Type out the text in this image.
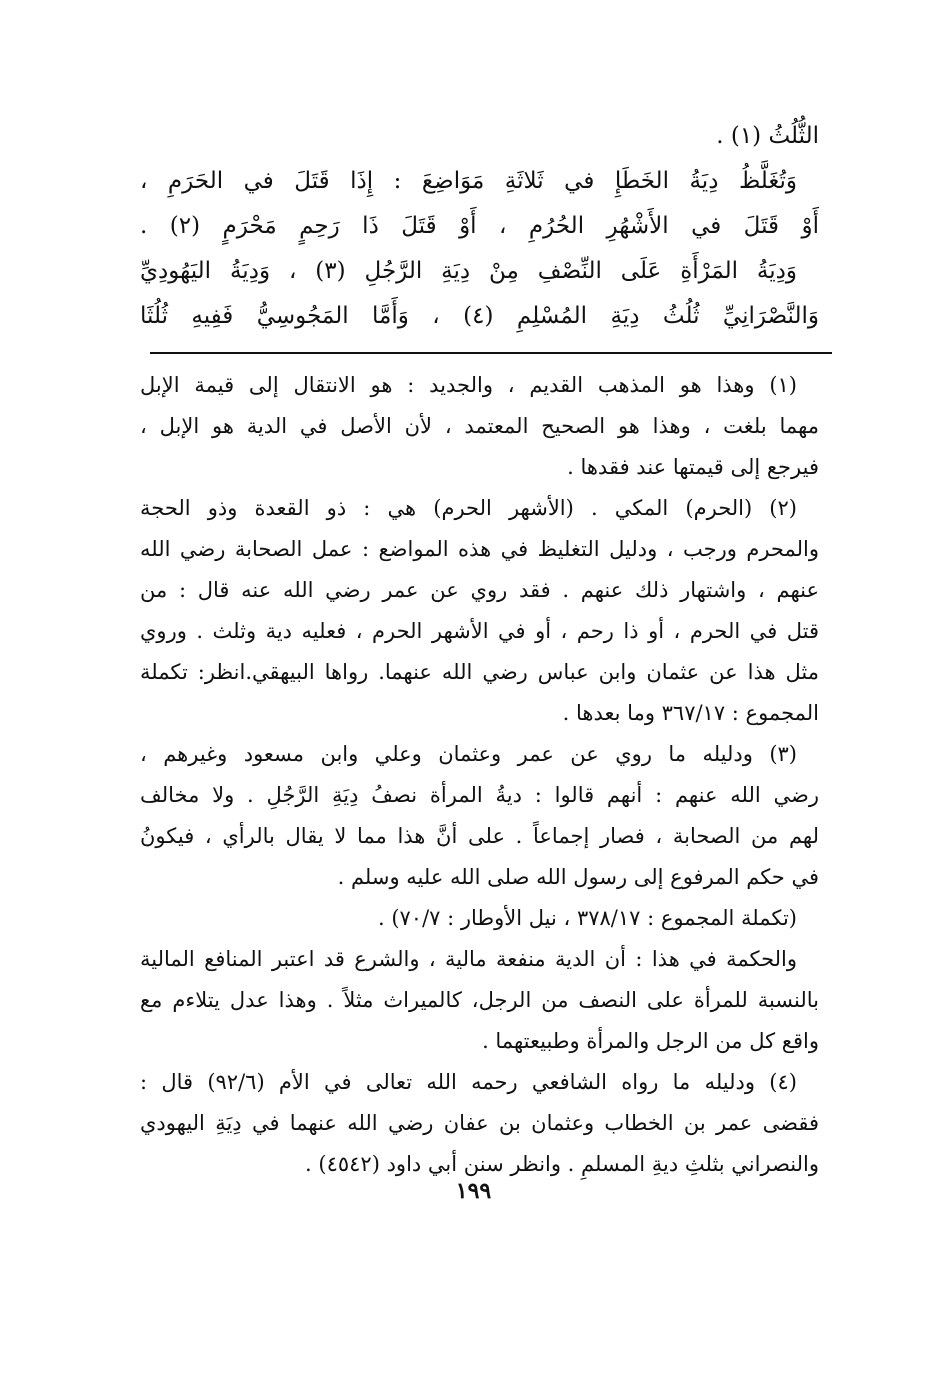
الثُّلُثُ (١) .

وَتُغَلَّظُ دِيَةُ الخَطَإِ في ثَلاثَةِ مَوَاضِعَ : إِذَا قَتَلَ في الحَرَمِ ،

أَوْ قَتَلَ في الأَشْهُرِ الحُرُمِ ، أَوْ قَتَلَ ذَا رَحِمٍ مَحْرَمٍ (٢) .

وَدِيَةُ المَرْأَةِ عَلَى النِّصْفِ مِنْ دِيَةِ الرَّجُلِ (٣) ، وَدِيَةُ اليَهُودِيِّ

وَالنَّصْرَانِيِّ ثُلُثُ دِيَةِ المُسْلِمِ (٤) ، وَأَمَّا المَجُوسِيُّ فَفِيهِ ثُلُثَا

(١) وهذا هو المذهب القديم ، والجديد : هو الانتقال إلى قيمة الإبل

مهما بلغت ، وهذا هو الصحيح المعتمد ، لأن الأصل في الدية هو الإبل ،

فيرجع إلى قيمتها عند فقدها .

(٢) (الحرم) المكي . (الأشهر الحرم) هي : ذو القعدة وذو الحجة

والمحرم ورجب ، ودليل التغليظ في هذه المواضع : عمل الصحابة رضي الله

عنهم ، واشتهار ذلك عنهم . فقد روي عن عمر رضي الله عنه قال : من

قتل في الحرم ، أو ذا رحم ، أو في الأشهر الحرم ، فعليه دية وثلث . وروي

مثل هذا عن عثمان وابن عباس رضي الله عنهما. رواها البيهقي.انظر: تكملة

المجموع : ٣٦٧/١٧ وما بعدها .

(٣) ودليله ما روي عن عمر وعثمان وعلي وابن مسعود وغيرهم ،

رضي الله عنهم : أنهم قالوا : ديةُ المرأة نصفُ دِيَةِ الرَّجُلِ . ولا مخالف

لهم من الصحابة ، فصار إجماعاً . على أنَّ هذا مما لا يقال بالرأي ، فيكونُ

في حكم المرفوع إلى رسول الله صلى الله عليه وسلم .

(تكملة المجموع : ٣٧٨/١٧ ، نيل الأوطار : ٧٠/٧) .

والحكمة في هذا : أن الدية منفعة مالية ، والشرع قد اعتبر المنافع المالية

بالنسبة للمرأة على النصف من الرجل، كالميراث مثلاً . وهذا عدل يتلاءم مع

واقع كل من الرجل والمرأة وطبيعتهما .

(٤) ودليله ما رواه الشافعي رحمه الله تعالى في الأم (٩٢/٦) قال :

فقضى عمر بن الخطاب وعثمان بن عفان رضي الله عنهما في دِيَةِ اليهودي

والنصراني بثلثِ ديةِ المسلمِ . وانظر سنن أبي داود (٤٥٤٢) .

١٩٩
